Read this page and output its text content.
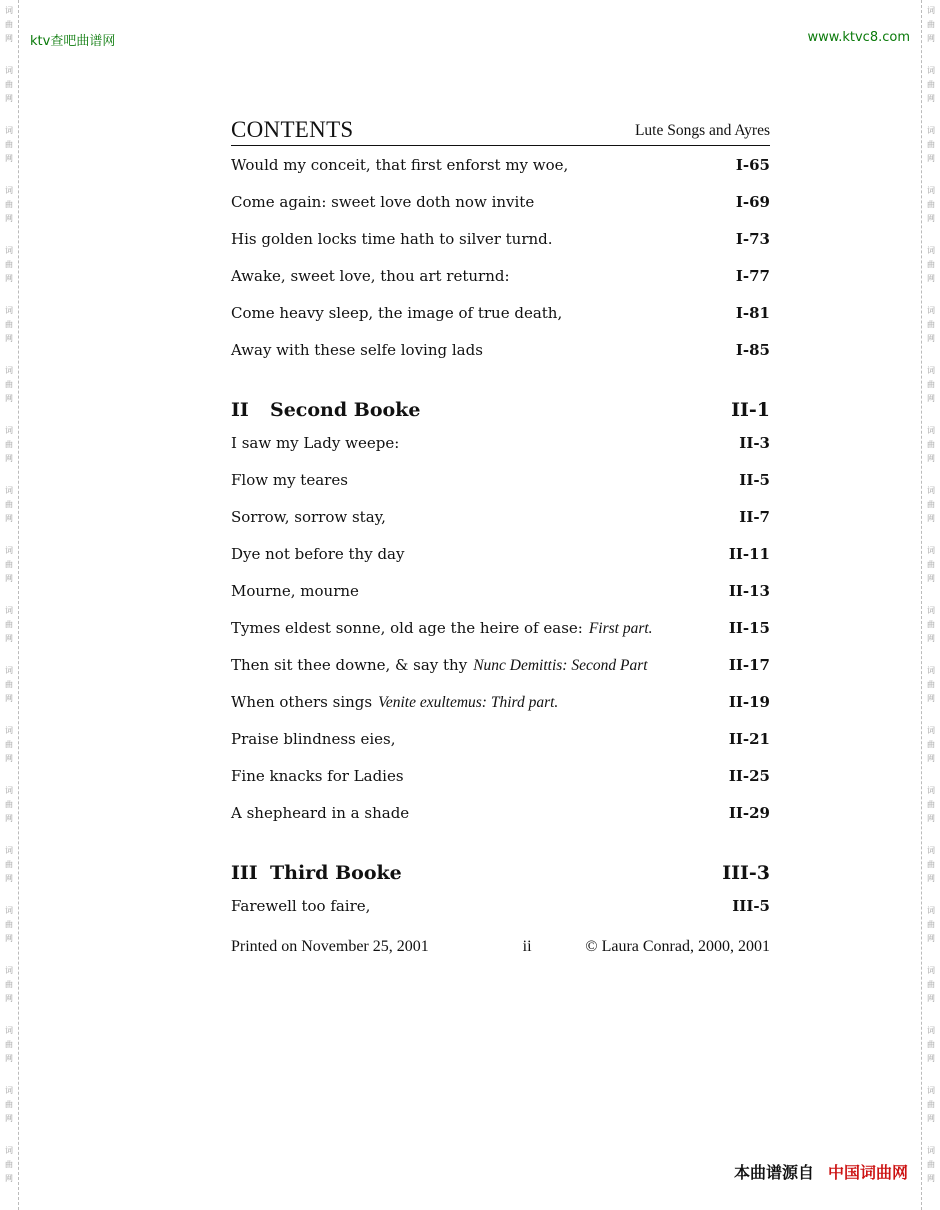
词
曲
网
词
曲
网
词
曲
网
词
曲
网
词
曲
网
词
曲
网
词
曲
网
词
曲
网
词
曲
网
词
曲
网
词
曲
网
词
曲
网
词
曲
网
词
曲
网
词
曲
网
词
曲
网
词
曲
网
词
曲
网
词
曲
网
词
曲
网
词
曲
网
词
曲
网
词
曲
网
词
曲
网
词
曲
网
词
曲
网
词
曲
网
词
曲
网
词
曲
网
词
曲
网
词
曲
网
词
曲
网
词
曲
网
词
曲
网
词
曲
网
词
曲
网
词
曲
网
词
曲
网
词
曲
网
词
曲
网
ktv查吧曲谱网	www.ktvc8.com
CONTENTS	Lute Songs and Ayres
Would my conceit, that first enforst my woe,	I-65
Come again: sweet love doth now invite	I-69
His golden locks time hath to silver turnd.	I-73
Awake, sweet love, thou art returnd:	I-77
Come heavy sleep, the image of true death,	I-81
Away with these selfe loving lads	I-85
II Second Booke	II-1
I saw my Lady weepe:	II-3
Flow my teares	II-5
Sorrow, sorrow stay,	II-7
Dye not before thy day	II-11
Mourne, mourne	II-13
Tymes eldest sonne, old age the heire of ease: First part.	II-15
Then sit thee downe, & say thy Nunc Demittis: Second Part	II-17
When others sings Venite exultemus: Third part.	II-19
Praise blindness eies,	II-21
Fine knacks for Ladies	II-25
A shepheard in a shade	II-29
III Third Booke	III-3
Farewell too faire,	III-5
Printed on November 25, 2001	ii	© Laura Conrad, 2000, 2001
本曲谱源自 中国词曲网
